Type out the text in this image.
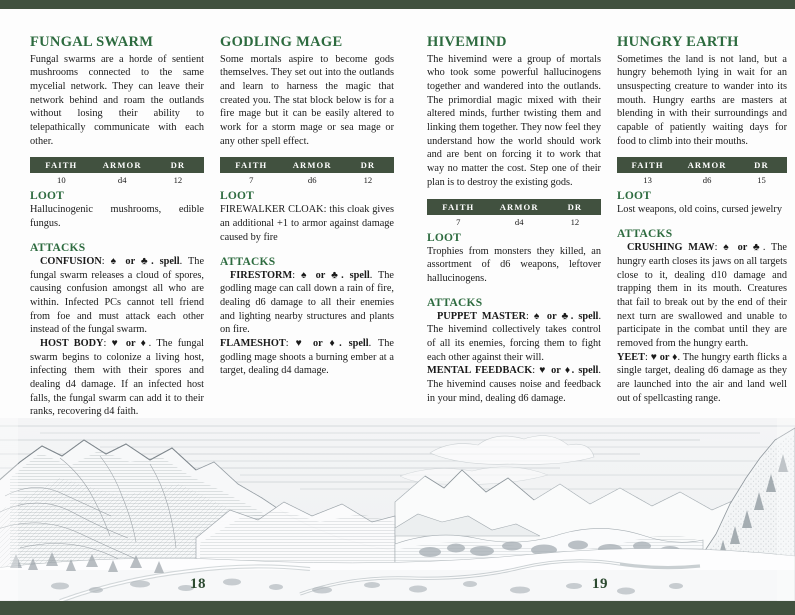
FUNGAL SWARM

Fungal swarms are a horde of sentient mushrooms connected to the same mycelial network. They can leave their network behind and roam the outlands without losing their ability to telepathically communicate with each other.

FAITH	ARMOR	DR
10	d4	12
LOOT

Hallucinogenic mushrooms, edible fungus.

ATTACKS

CONFUSION: ♠ or ♣. spell. The fungal swarm releases a cloud of spores, causing confusion amongst all who are within. Infected PCs cannot tell friend from foe and must attack each other instead of the fungal swarm.

HOST BODY: ♥ or ♦. The fungal swarm begins to colonize a living host, infecting them with their spores and dealing d4 damage. If an infected host falls, the fungal swarm can add it to their ranks, recovering d4 faith.

GODLING MAGE

Some mortals aspire to become gods themselves. They set out into the outlands and learn to harness the magic that created you. The stat block below is for a fire mage but it can be easily altered to work for a storm mage or sea mage or any other spell effect.

FAITH	ARMOR	DR
7	d6	12
LOOT

FIREWALKER CLOAK: this cloak gives an additional +1 to armor against damage caused by fire

ATTACKS

FIRESTORM: ♠ or ♣. spell. The godling mage can call down a rain of fire, dealing d6 damage to all their enemies and lighting nearby structures and plants on fire.

FLAMESHOT: ♥ or ♦. spell. The godling mage shoots a burning ember at a target, dealing d4 damage.

HIVEMIND

The hivemind were a group of mortals who took some powerful hallucinogens together and wandered into the outlands. The primordial magic mixed with their altered minds, further twisting them and linking them together. They now feel they understand how the world should work and are bent on forcing it to work that way no matter the cost. Step one of their plan is to destroy the existing gods.

FAITH	ARMOR	DR
7	d4	12
LOOT

Trophies from monsters they killed, an assortment of d6 weapons, leftover hallucinogens.

ATTACKS

PUPPET MASTER: ♠ or ♣. spell. The hivemind collectively takes control of all its enemies, forcing them to fight each other against their will.

MENTAL FEEDBACK: ♥ or ♦. spell. The hivemind causes noise and feedback in your mind, dealing d6 damage.

HUNGRY EARTH

Sometimes the land is not land, but a hungry behemoth lying in wait for an unsuspecting creature to wander into its mouth. Hungry earths are masters at blending in with their surroundings and capable of patiently waiting days for food to climb into their mouths.

FAITH	ARMOR	DR
13	d6	15
LOOT

Lost weapons, old coins, cursed jewelry

ATTACKS

CRUSHING MAW: ♠ or ♣. The hungry earth closes its jaws on all targets close to it, dealing d10 damage and trapping them in its mouth. Creatures that fail to break out by the end of their next turn are swallowed and unable to participate in the combat until they are removed from the hungry earth.

YEET: ♥ or ♦. The hungry earth flicks a single target, dealing d6 damage as they are launched into the air and land well out of spellcasting range.

18	19
